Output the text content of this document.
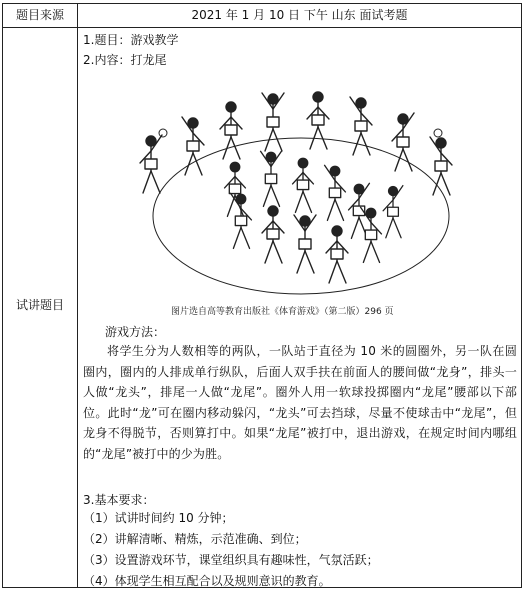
题目来源	2021 年 1 月 10 日 下午 山东 面试考题
试讲题目
1.题目：游戏教学
2.内容：打龙尾
图片选自高等教育出版社《体育游戏》（第二版）296 页
游戏方法：
将学生分为人数相等的两队，一队站于直径为 10 米的圆圈外，另一队在圆圈内，圈内的人排成单行纵队，后面人双手扶在前面人的腰间做“龙身”，排头一人做“龙头”，排尾一人做“龙尾”。圈外人用一软球投掷圈内“龙尾”腰部以下部位。此时“龙”可在圈内移动躲闪，“龙头”可去挡球，尽量不使球击中“龙尾”，但龙身不得脱节，否则算打中。如果“龙尾”被打中，退出游戏，在规定时间内哪组的“龙尾”被打中的少为胜。
3.基本要求：
（1）试讲时间约 10 分钟；
（2）讲解清晰、精炼，示范准确、到位；
（3）设置游戏环节，课堂组织具有趣味性，气氛活跃；
（4）体现学生相互配合以及规则意识的教育。
